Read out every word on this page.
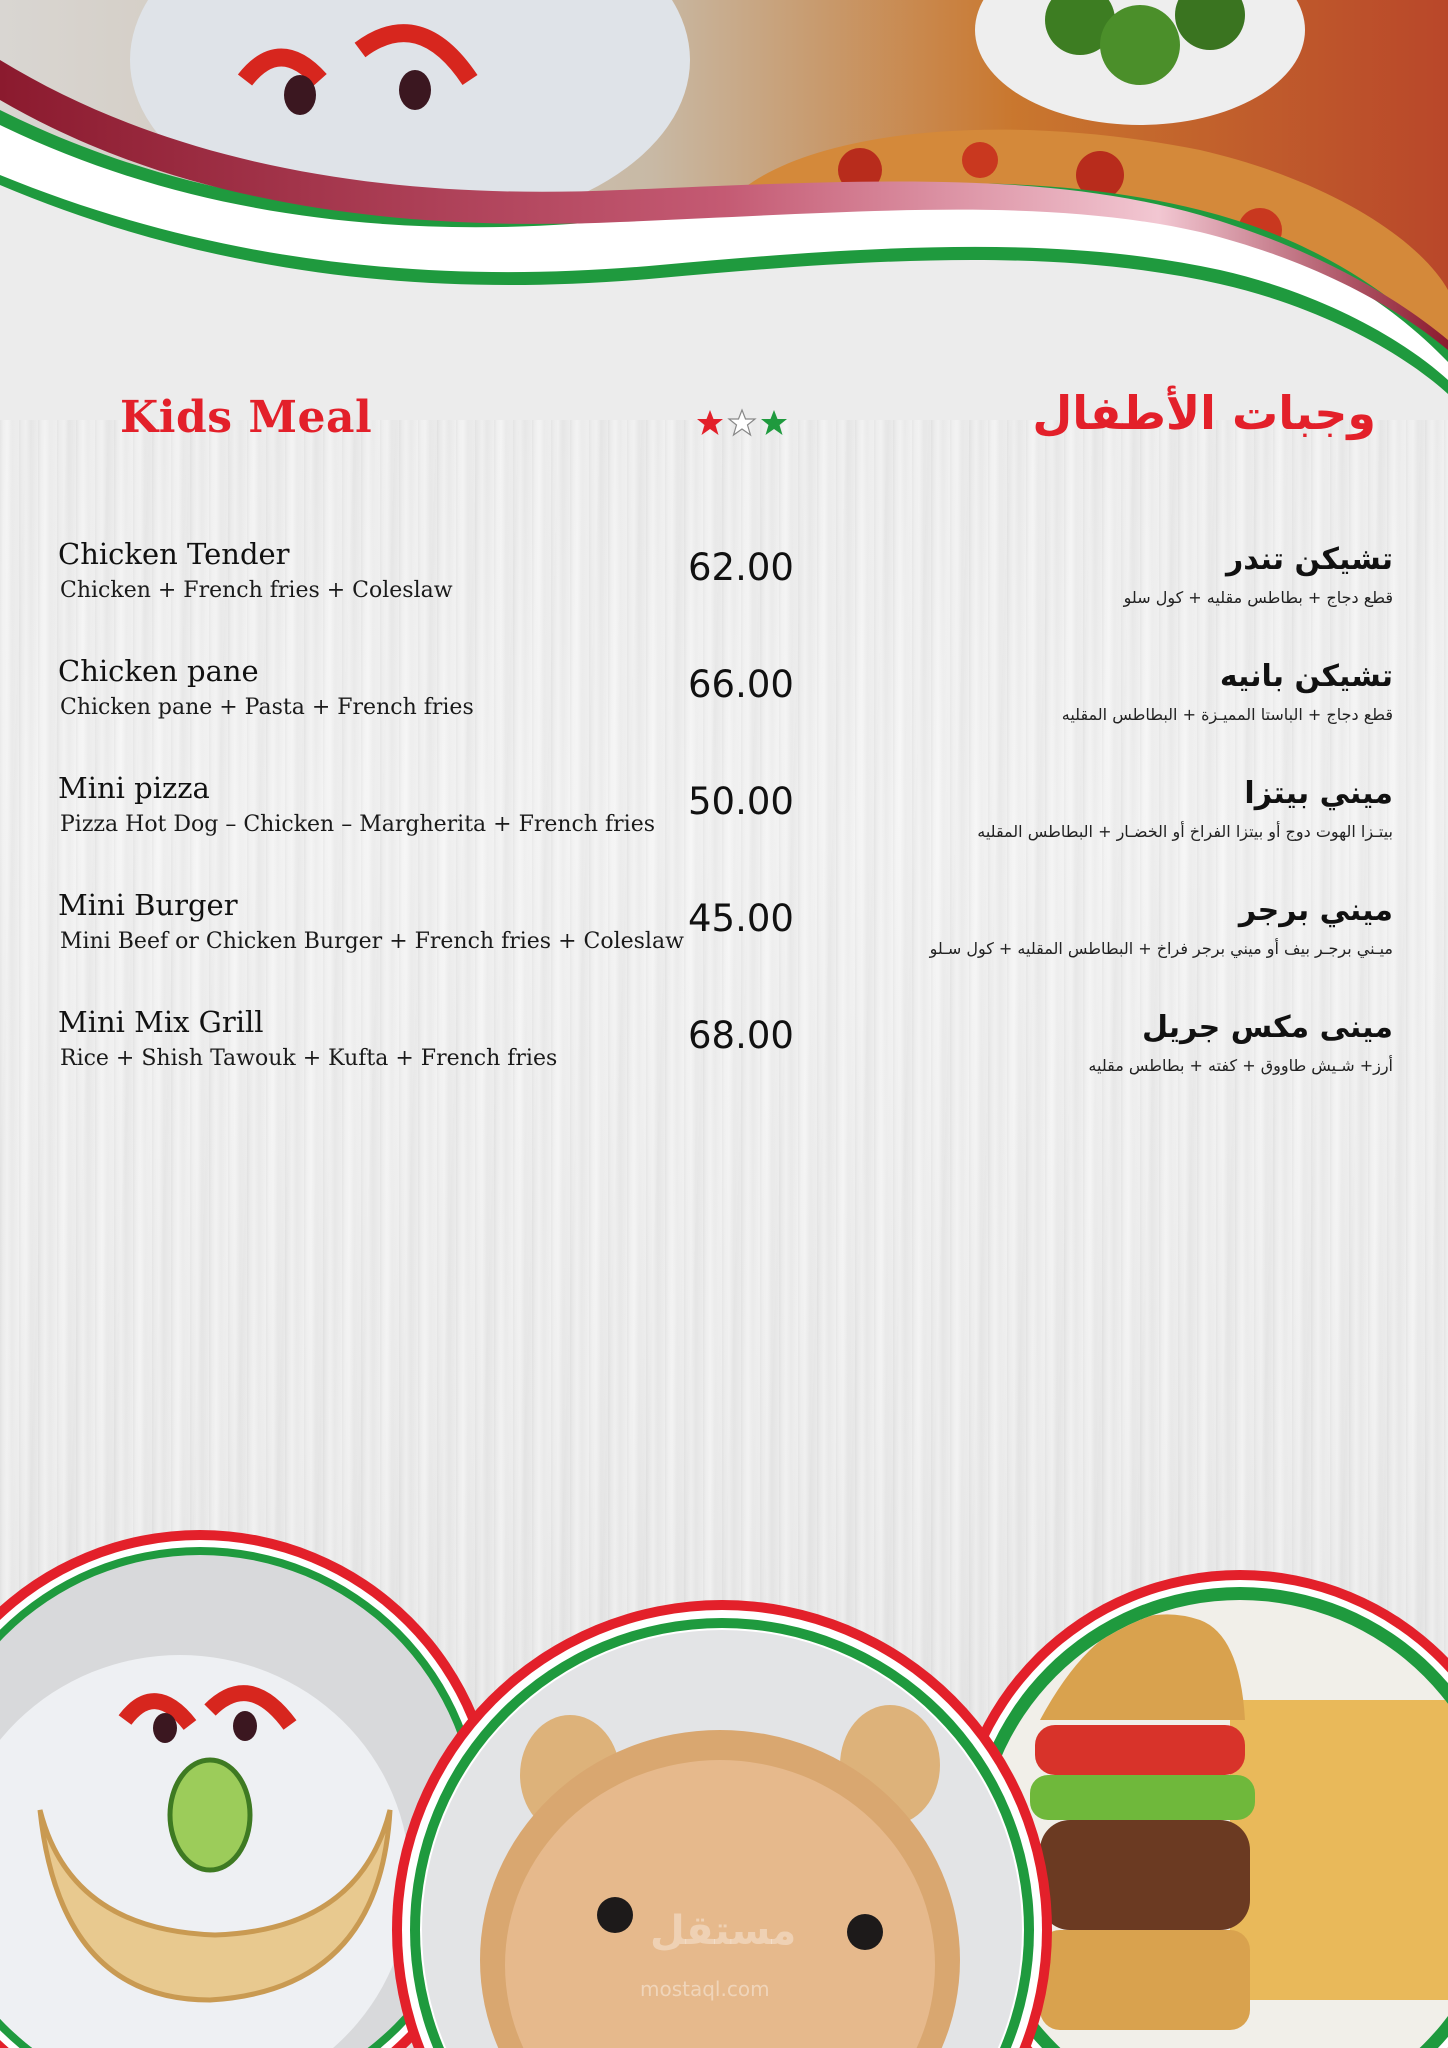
Kids Meal	وجبات الأطفال
Chicken Tender
Chicken + French fries + Coleslaw
62.00	تشيكن تندر
قطع دجاج + بطاطس مقليه + كول سلو
Chicken pane
Chicken pane + Pasta + French fries
66.00	تشيكن بانيه
قطع دجاج + الباستا المميـزة + البطاطس المقليه
Mini pizza
Pizza Hot Dog – Chicken – Margherita + French fries
50.00	ميني بيتزا
بيتـزا الهوت دوج أو بيتزا الفراخ أو الخضـار + البطاطس المقليه
Mini Burger
Mini Beef or Chicken Burger + French fries + Coleslaw
45.00	ميني برجر
ميـني برجـر بيف أو ميني برجر فراخ + البطاطس المقليه + كول سـلو
Mini Mix Grill
Rice + Shish Tawouk + Kufta + French fries
68.00	مينى مكس جريل
أرز+ شـيش طاووق + كفته + بطاطس مقليه
مستقل
mostaql.com
